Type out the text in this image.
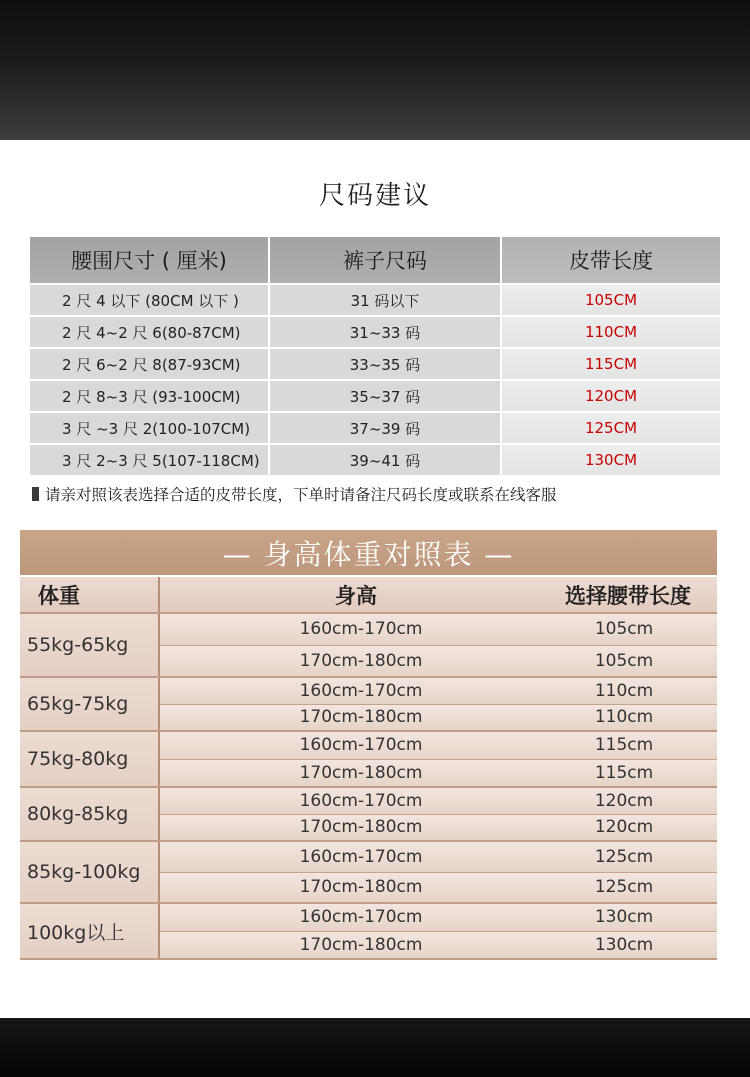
尺码建议
腰围尺寸 ( 厘米)	裤子尺码	皮带长度
2 尺 4 以下 (80CM 以下 )	31 码以下	105CM
2 尺 4~2 尺 6(80-87CM)	31~33 码	110CM
2 尺 6~2 尺 8(87-93CM)	33~35 码	115CM
2 尺 8~3 尺 (93-100CM)	35~37 码	120CM
3 尺 ~3 尺 2(100-107CM)	37~39 码	125CM
3 尺 2~3 尺 5(107-118CM)	39~41 码	130CM
请亲对照该表选择合适的皮带长度，下单时请备注尺码长度或联系在线客服
— 身高体重对照表 —
体重	身高	选择腰带长度
55kg-65kg
160cm-170cm	105cm
170cm-180cm	105cm
65kg-75kg
160cm-170cm	110cm
170cm-180cm	110cm
75kg-80kg
160cm-170cm	115cm
170cm-180cm	115cm
80kg-85kg
160cm-170cm	120cm
170cm-180cm	120cm
85kg-100kg
160cm-170cm	125cm
170cm-180cm	125cm
100kg以上
160cm-170cm	130cm
170cm-180cm	130cm
